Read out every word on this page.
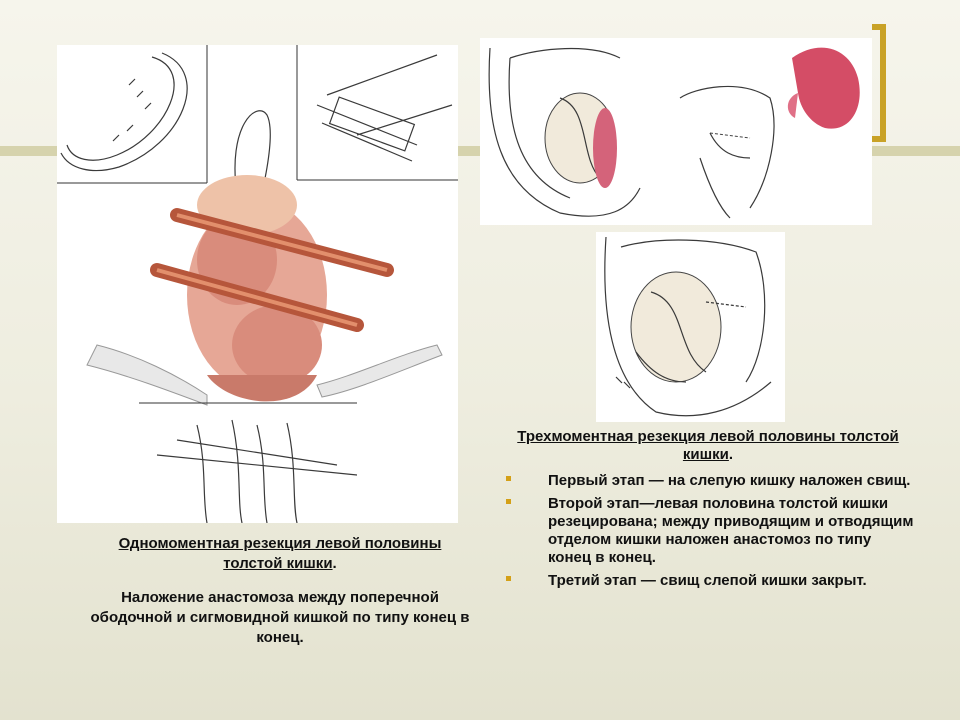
Одномоментная резекция левой половины толстой кишки.
Наложение анастомоза между поперечной ободочной и сигмовидной кишкой по типу конец в конец.
Трехмоментная резекция левой половины толстой кишки.
Первый этап — на слепую кишку наложен свищ.
Второй этап—левая половина толстой кишки резецирована; между приводящим и отводящим отделом кишки наложен анастомоз по типу конец в конец.
Третий этап — свищ слепой кишки закрыт.
